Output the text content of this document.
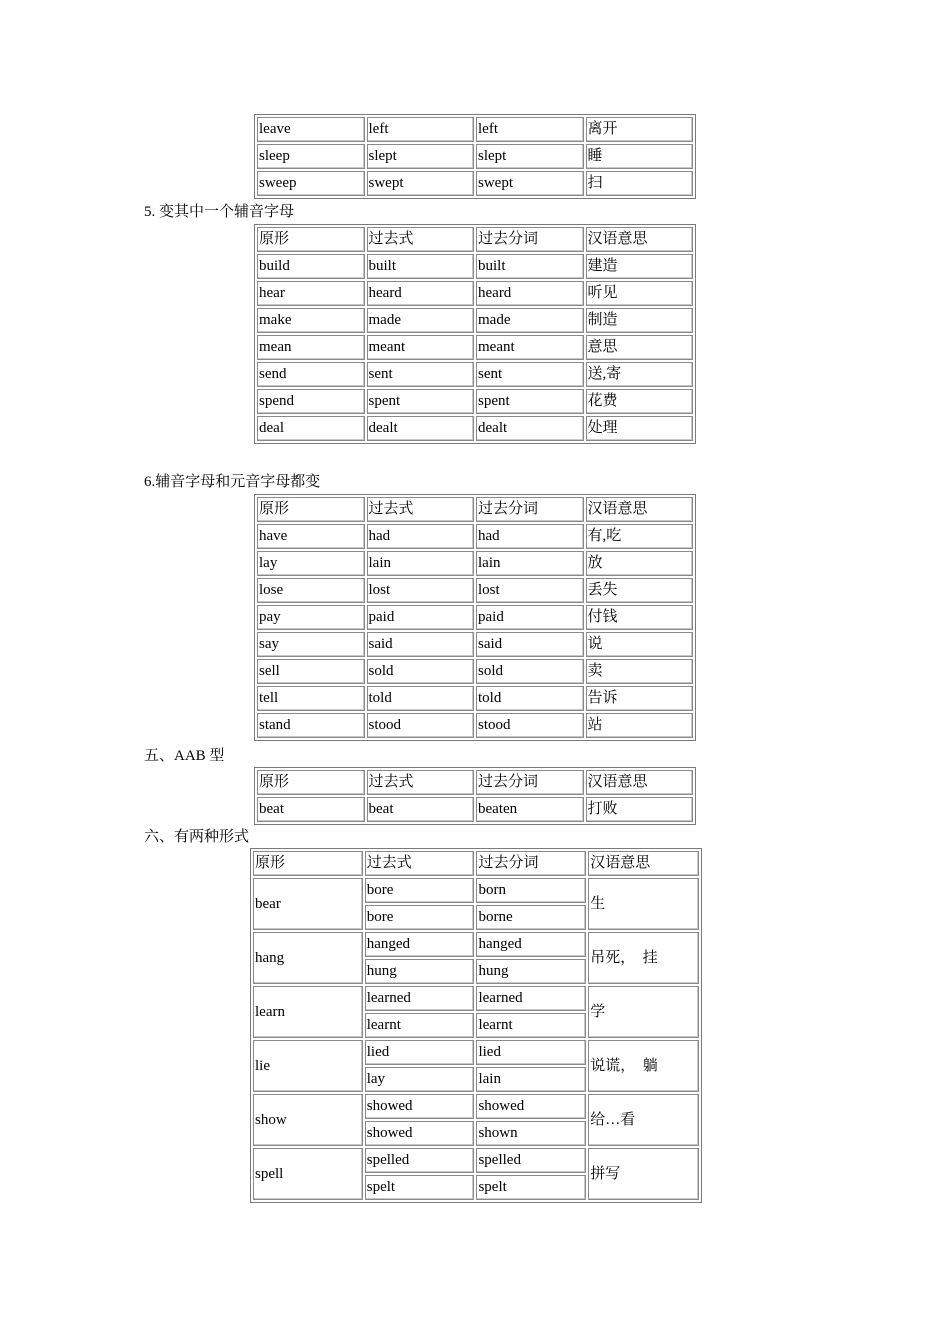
leave	left	left	离开
sleep	slept	slept	睡
sweep	swept	swept	扫
5. 变其中一个辅音字母
原形	过去式	过去分词	汉语意思
build	built	built	建造
hear	heard	heard	听见
make	made	made	制造
mean	meant	meant	意思
send	sent	sent	送,寄
spend	spent	spent	花费
deal	dealt	dealt	处理
6.辅音字母和元音字母都变
原形	过去式	过去分词	汉语意思
have	had	had	有,吃
lay	lain	lain	放
lose	lost	lost	丢失
pay	paid	paid	付钱
say	said	said	说
sell	sold	sold	卖
tell	told	told	告诉
stand	stood	stood	站
五、AAB 型
原形	过去式	过去分词	汉语意思
beat	beat	beaten	打败
六、有两种形式
原形	过去式	过去分词	汉语意思
bear	bore	born	生
	bore	borne	
hang	hanged	hanged	吊死，　挂
	hung	hung	
learn	learned	learned	学
	learnt	learnt	
lie	lied	lied	说谎，　躺
	lay	lain	
show	showed	showed	给…看
	showed	shown	
spell	spelled	spelled	拼写
	spelt	spelt	
